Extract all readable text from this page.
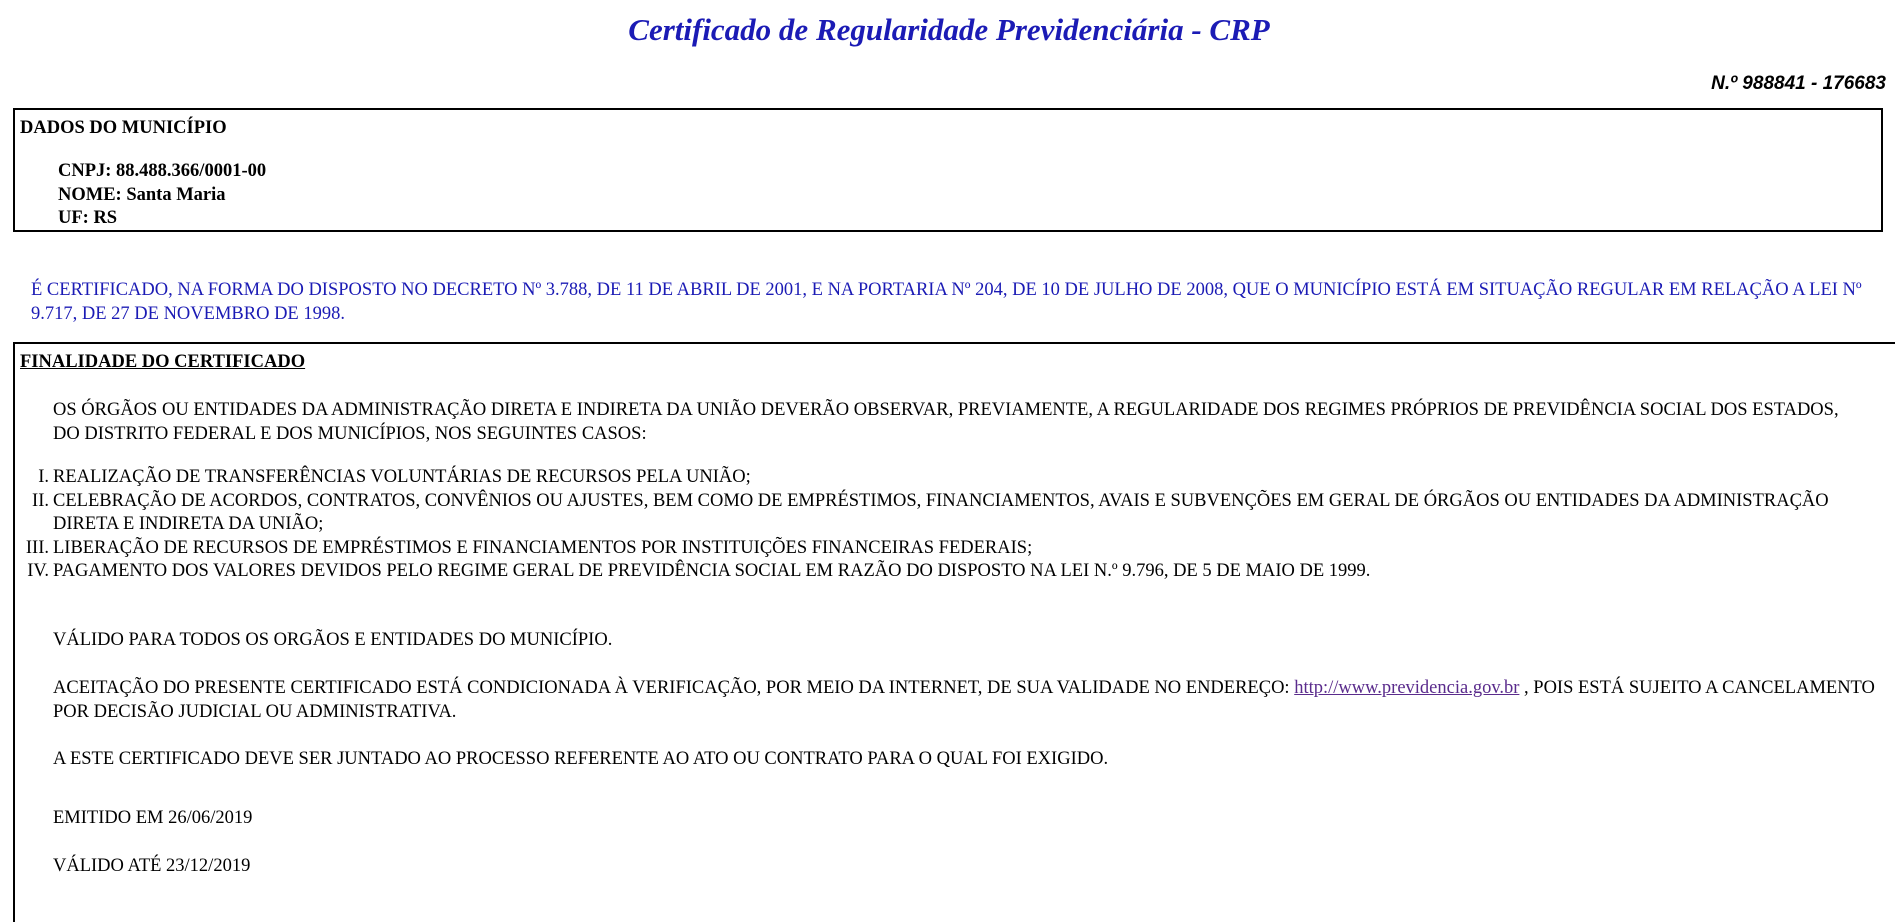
Certificado de Regularidade Previdenciária - CRP
N.º 988841 - 176683
DADOS DO MUNICÍPIO
CNPJ: 88.488.366/0001-00
NOME: Santa Maria
UF: RS
É CERTIFICADO, NA FORMA DO DISPOSTO NO DECRETO Nº 3.788, DE 11 DE ABRIL DE 2001, E NA PORTARIA Nº 204, DE 10 DE JULHO DE 2008, QUE O MUNICÍPIO ESTÁ EM SITUAÇÃO REGULAR EM RELAÇÃO A LEI Nº 9.717, DE 27 DE NOVEMBRO DE 1998.
FINALIDADE DO CERTIFICADO
OS ÓRGÃOS OU ENTIDADES DA ADMINISTRAÇÃO DIRETA E INDIRETA DA UNIÃO DEVERÃO OBSERVAR, PREVIAMENTE, A REGULARIDADE DOS REGIMES PRÓPRIOS DE PREVIDÊNCIA SOCIAL DOS ESTADOS, DO DISTRITO FEDERAL E DOS MUNICÍPIOS, NOS SEGUINTES CASOS:
I. REALIZAÇÃO DE TRANSFERÊNCIAS VOLUNTÁRIAS DE RECURSOS PELA UNIÃO;
II. CELEBRAÇÃO DE ACORDOS, CONTRATOS, CONVÊNIOS OU AJUSTES, BEM COMO DE EMPRÉSTIMOS, FINANCIAMENTOS, AVAIS E SUBVENÇÕES EM GERAL DE ÓRGÃOS OU ENTIDADES DA ADMINISTRAÇÃO DIRETA E INDIRETA DA UNIÃO;
III. LIBERAÇÃO DE RECURSOS DE EMPRÉSTIMOS E FINANCIAMENTOS POR INSTITUIÇÕES FINANCEIRAS FEDERAIS;
IV. PAGAMENTO DOS VALORES DEVIDOS PELO REGIME GERAL DE PREVIDÊNCIA SOCIAL EM RAZÃO DO DISPOSTO NA LEI N.º 9.796, DE 5 DE MAIO DE 1999.
VÁLIDO PARA TODOS OS ORGÃOS E ENTIDADES DO MUNICÍPIO.
ACEITAÇÃO DO PRESENTE CERTIFICADO ESTÁ CONDICIONADA À VERIFICAÇÃO, POR MEIO DA INTERNET, DE SUA VALIDADE NO ENDEREÇO: http://www.previdencia.gov.br , POIS ESTÁ SUJEITO A CANCELAMENTO POR DECISÃO JUDICIAL OU ADMINISTRATIVA.
A ESTE CERTIFICADO DEVE SER JUNTADO AO PROCESSO REFERENTE AO ATO OU CONTRATO PARA O QUAL FOI EXIGIDO.
EMITIDO EM 26/06/2019
VÁLIDO ATÉ 23/12/2019
